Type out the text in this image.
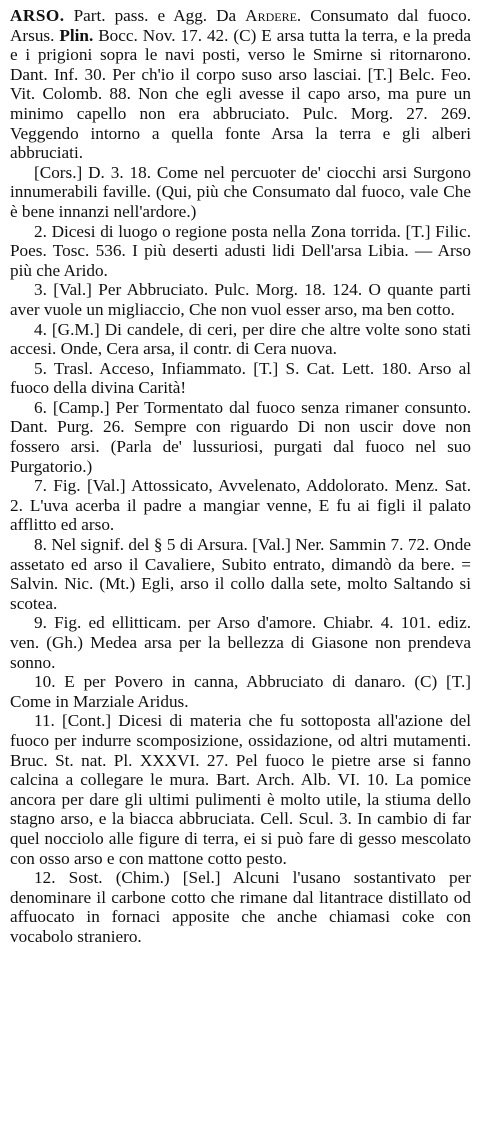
ARSO. Part. pass. e Agg. Da Ardere. Consumato dal fuoco. Arsus. Plin. Bocc. Nov. 17. 42. (C) E arsa tutta la terra, e la preda e i prigioni sopra le navi posti, verso le Smirne si ritornarono. Dant. Inf. 30. Per ch'io il corpo suso arso lasciai. [T.] Belc. Feo. Vit. Colomb. 88. Non che egli avesse il capo arso, ma pure un minimo capello non era abbruciato. Pulc. Morg. 27. 269. Veggendo intorno a quella fonte Arsa la terra e gli alberi abbruciati.

[Cors.] D. 3. 18. Come nel percuoter de' ciocchi arsi Surgono innumerabili faville. (Qui, più che Consumato dal fuoco, vale Che è bene innanzi nell'ardore.)

2. Dicesi di luogo o regione posta nella Zona torrida. [T.] Filic. Poes. Tosc. 536. I più deserti adusti lidi Dell'arsa Libia. — Arso più che Arido.

3. [Val.] Per Abbruciato. Pulc. Morg. 18. 124. O quante parti aver vuole un migliaccio, Che non vuol esser arso, ma ben cotto.

4. [G.M.] Di candele, di ceri, per dire che altre volte sono stati accesi. Onde, Cera arsa, il contr. di Cera nuova.

5. Trasl. Acceso, Infiammato. [T.] S. Cat. Lett. 180. Arso al fuoco della divina Carità!

6. [Camp.] Per Tormentato dal fuoco senza rimaner consunto. Dant. Purg. 26. Sempre con riguardo Di non uscir dove non fossero arsi. (Parla de' lussuriosi, purgati dal fuoco nel suo Purgatorio.)

7. Fig. [Val.] Attossicato, Avvelenato, Addolorato. Menz. Sat. 2. L'uva acerba il padre a mangiar venne, E fu ai figli il palato afflitto ed arso.

8. Nel signif. del § 5 di Arsura. [Val.] Ner. Sammin 7. 72. Onde assetato ed arso il Cavaliere, Subito entrato, dimandò da bere. = Salvin. Nic. (Mt.) Egli, arso il collo dalla sete, molto Saltando si scotea.

9. Fig. ed ellitticam. per Arso d'amore. Chiabr. 4. 101. ediz. ven. (Gh.) Medea arsa per la bellezza di Giasone non prendeva sonno.

10. E per Povero in canna, Abbruciato di danaro. (C) [T.] Come in Marziale Aridus.

11. [Cont.] Dicesi di materia che fu sottoposta all'azione del fuoco per indurre scomposizione, ossidazione, od altri mutamenti. Bruc. St. nat. Pl. XXXVI. 27. Pel fuoco le pietre arse si fanno calcina a collegare le mura. Bart. Arch. Alb. VI. 10. La pomice ancora per dare gli ultimi pulimenti è molto utile, la stiuma dello stagno arso, e la biacca abbruciata. Cell. Scul. 3. In cambio di far quel nocciolo alle figure di terra, ei si può fare di gesso mescolato con osso arso e con mattone cotto pesto.

12. Sost. (Chim.) [Sel.] Alcuni l'usano sostantivato per denominare il carbone cotto che rimane dal litantrace distillato od affuocato in fornaci apposite che anche chiamasi coke con vocabolo straniero.
